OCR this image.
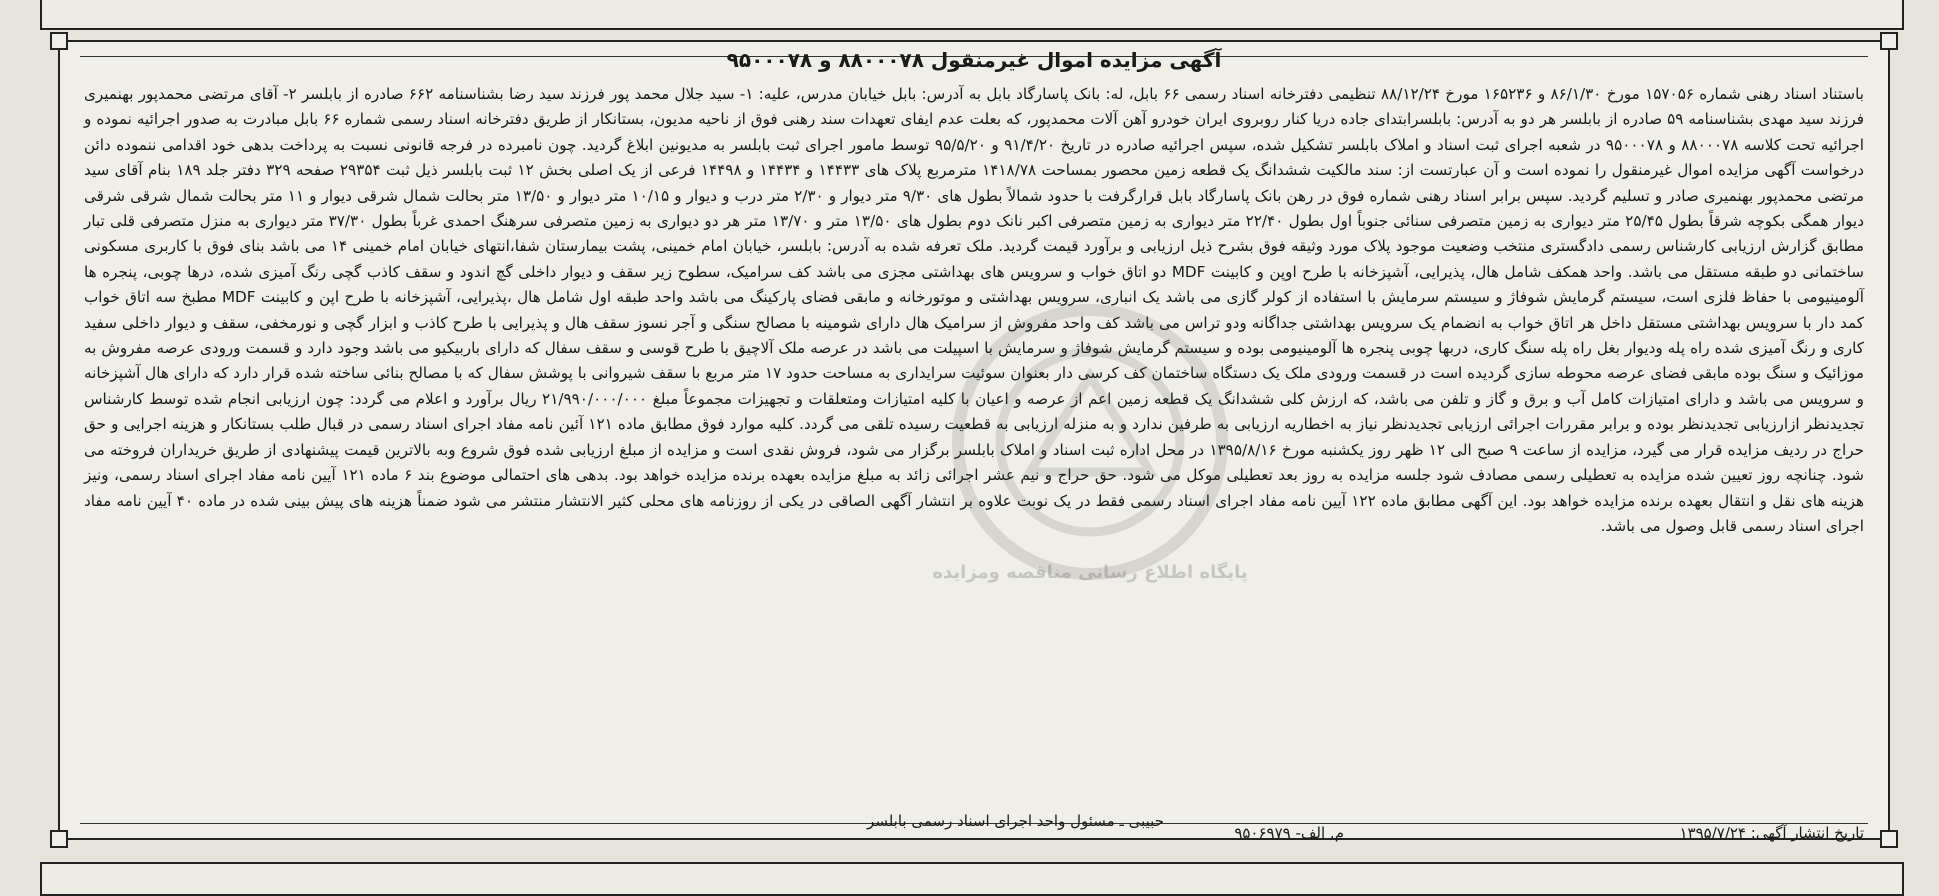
آگهی مزایده اموال غیرمنقول ۸۸۰۰۰۷۸ و ۹۵۰۰۰۷۸

باستناد اسناد رهنی شماره ۱۵۷۰۵۶ مورخ ۸۶/۱/۳۰ و ۱۶۵۲۳۶ مورخ ۸۸/۱۲/۲۴ تنظیمی دفترخانه اسناد رسمی ۶۶ بابل، له: بانک پاسارگاد بابل به آدرس: بابل خیابان مدرس، علیه: ۱- سید جلال محمد پور فرزند سید رضا بشناسنامه ۶۶۲ صادره از بابلسر ۲- آقای مرتضی محمدپور بهنمیری فرزند سید مهدی بشناسنامه ۵۹ صادره از بابلسر هر دو به آدرس: بابلسرابتدای جاده دریا کنار روبروی ایران خودرو آهن آلات محمدپور، که بعلت عدم ایفای تعهدات سند رهنی فوق از ناحیه مدیون، بستانکار از طریق دفترخانه اسناد رسمی شماره ۶۶ بابل مبادرت به صدور اجرائیه نموده و اجرائیه تحت کلاسه ۸۸۰۰۰۷۸ و ۹۵۰۰۰۷۸ در شعبه اجرای ثبت اسناد و املاک بابلسر تشکیل شده، سپس اجرائیه صادره در تاریخ ۹۱/۴/۲۰ و ۹۵/۵/۲۰ توسط مامور اجرای ثبت بابلسر به مدیونین ابلاغ گردید. چون نامبرده در فرجه قانونی نسبت به پرداخت بدهی خود اقدامی ننموده دائن درخواست آگهی مزایده اموال غیرمنقول را نموده است و آن عبارتست از: سند مالکیت ششدانگ یک قطعه زمین محصور بمساحت ۱۴۱۸/۷۸ مترمربع پلاک های ۱۴۴۳۳ و ۱۴۴۳۴ و ۱۴۴۹۸ فرعی از یک اصلی بخش ۱۲ ثبت بابلسر ذیل ثبت ۲۹۳۵۴ صفحه ۳۲۹ دفتر جلد ۱۸۹ بنام آقای سید مرتضی محمدپور بهنمیری صادر و تسلیم گردید. سپس برابر اسناد رهنی شماره فوق در رهن بانک پاسارگاد بابل قرارگرفت با حدود شمالاً بطول های ۹/۳۰ متر دیوار و ۲/۳۰ متر درب و دیوار و ۱۰/۱۵ متر دیوار و ۱۳/۵۰ متر بحالت شمال شرقی دیوار و ۱۱ متر بحالت شمال شرقی شرقی دیوار همگی بکوچه شرقاً بطول ۲۵/۴۵ متر دیواری به زمین متصرفی سنائی جنوباً اول بطول ۲۲/۴۰ متر دیواری به زمین متصرفی اکبر نانک دوم بطول های ۱۳/۵۰ متر و ۱۳/۷۰ متر هر دو دیواری به زمین متصرفی سرهنگ احمدی غرباً بطول ۳۷/۳۰ متر دیواری به منزل متصرفی قلی تبار مطابق گزارش ارزیابی کارشناس رسمی دادگستری منتخب وضعیت موجود پلاک مورد وثیقه فوق بشرح ذیل ارزیابی و برآورد قیمت گردید. ملک تعرفه شده به آدرس: بابلسر، خیابان امام خمینی، پشت بیمارستان شفا،انتهای خیابان امام خمینی ۱۴ می باشد بنای فوق با کاربری مسکونی ساختمانی دو طبقه مستقل می باشد. واحد همکف شامل هال، پذیرایی، آشپزخانه با طرح اوپن و کابینت MDF دو اتاق خواب و سرویس های بهداشتی مجزی می باشد کف سرامیک، سطوح زیر سقف و دیوار داخلی گچ اندود و سقف کاذب گچی رنگ آمیزی شده، درها چوبی، پنجره ها آلومینیومی با حفاظ فلزی است، سیستم گرمایش شوفاژ و سیستم سرمایش با استفاده از کولر گازی می باشد یک انباری، سرویس بهداشتی و موتورخانه و مابقی فضای پارکینگ می باشد واحد طبقه اول شامل هال ،پذیرایی، آشپزخانه با طرح اپن و کابینت MDF مطبخ سه اتاق خواب کمد دار با سرویس بهداشتی مستقل داخل هر اتاق خواب به انضمام یک سرویس بهداشتی جداگانه ودو تراس می باشد کف واحد مفروش از سرامیک هال دارای شومینه با مصالح سنگی و آجر نسوز سقف هال و پذیرایی با طرح کاذب و ابزار گچی و نورمخفی، سقف و دیوار داخلی سفید کاری و رنگ آمیزی شده راه پله ودیوار بغل راه پله سنگ کاری، دربها چوبی پنجره ها آلومینیومی بوده و سیستم گرمایش شوفاژ و سرمایش با اسپیلت می باشد در عرصه ملک آلاچیق با طرح قوسی و سقف سفال که دارای باربیکیو می باشد وجود دارد و قسمت ورودی عرصه مفروش به موزائیک و سنگ بوده مابقی فضای عرصه محوطه سازی گردیده است در قسمت ورودی ملک یک دستگاه ساختمان کف کرسی دار بعنوان سوئیت سرایداری به مساحت حدود ۱۷ متر مربع با سقف شیروانی با پوشش سفال که با مصالح بنائی ساخته شده قرار دارد که دارای هال آشپزخانه و سرویس می باشد و دارای امتیازات کامل آب و برق و گاز و تلفن می باشد، که ارزش کلی ششدانگ یک قطعه زمین اعم از عرصه و اعیان با کلیه امتیازات ومتعلقات و تجهیزات مجموعاً مبلغ ۲۱/۹۹۰/۰۰۰/۰۰۰ ریال برآورد و اعلام می گردد: چون ارزیابی انجام شده توسط کارشناس تجدیدنظر ازارزیابی تجدیدنظر بوده و برابر مقررات اجرائی ارزیابی تجدیدنظر نیاز به اخطاریه ارزیابی به طرفین ندارد و به منزله ارزیابی به قطعیت رسیده تلقی می گردد. کلیه موارد فوق مطابق ماده ۱۲۱ آئین نامه مفاد اجرای اسناد رسمی در قبال طلب بستانکار و هزینه اجرایی و حق حراج در ردیف مزایده قرار می گیرد، مزایده از ساعت ۹ صبح الی ۱۲ ظهر روز یکشنبه مورخ ۱۳۹۵/۸/۱۶ در محل اداره ثبت اسناد و املاک بابلسر برگزار می شود، فروش نقدی است و مزایده از مبلغ ارزیابی شده فوق شروع وبه بالاترین قیمت پیشنهادی از طریق خریداران فروخته می شود. چنانچه روز تعیین شده مزایده به تعطیلی رسمی مصادف شود جلسه مزایده به روز بعد تعطیلی موکل می شود. حق حراج و نیم عشر اجرائی زائد به مبلغ مزایده بعهده برنده مزایده خواهد بود. بدهی های احتمالی موضوع بند ۶ ماده ۱۲۱ آیین نامه مفاد اجرای اسناد رسمی، ونیز هزینه های نقل و انتقال بعهده برنده مزایده خواهد بود. این آگهی مطابق ماده ۱۲۲ آیین نامه مفاد اجرای اسناد رسمی فقط در یک نوبت علاوه بر انتشار آگهی الصاقی در یکی از روزنامه های محلی کثیر الانتشار منتشر می شود ضمناً هزینه های پیش بینی شده در ماده ۴۰ آیین نامه مفاد اجرای اسناد رسمی قابل وصول می باشد.

تاریخ انتشار آگهی: ۱۳۹۵/۷/۲۴
م. الف- ۹۵۰۶۹۷۹
حبیبی ـ مسئول واحد اجرای اسناد رسمی بابلسر
پایگاه اطلاع رسانی مناقصه ومزایده
